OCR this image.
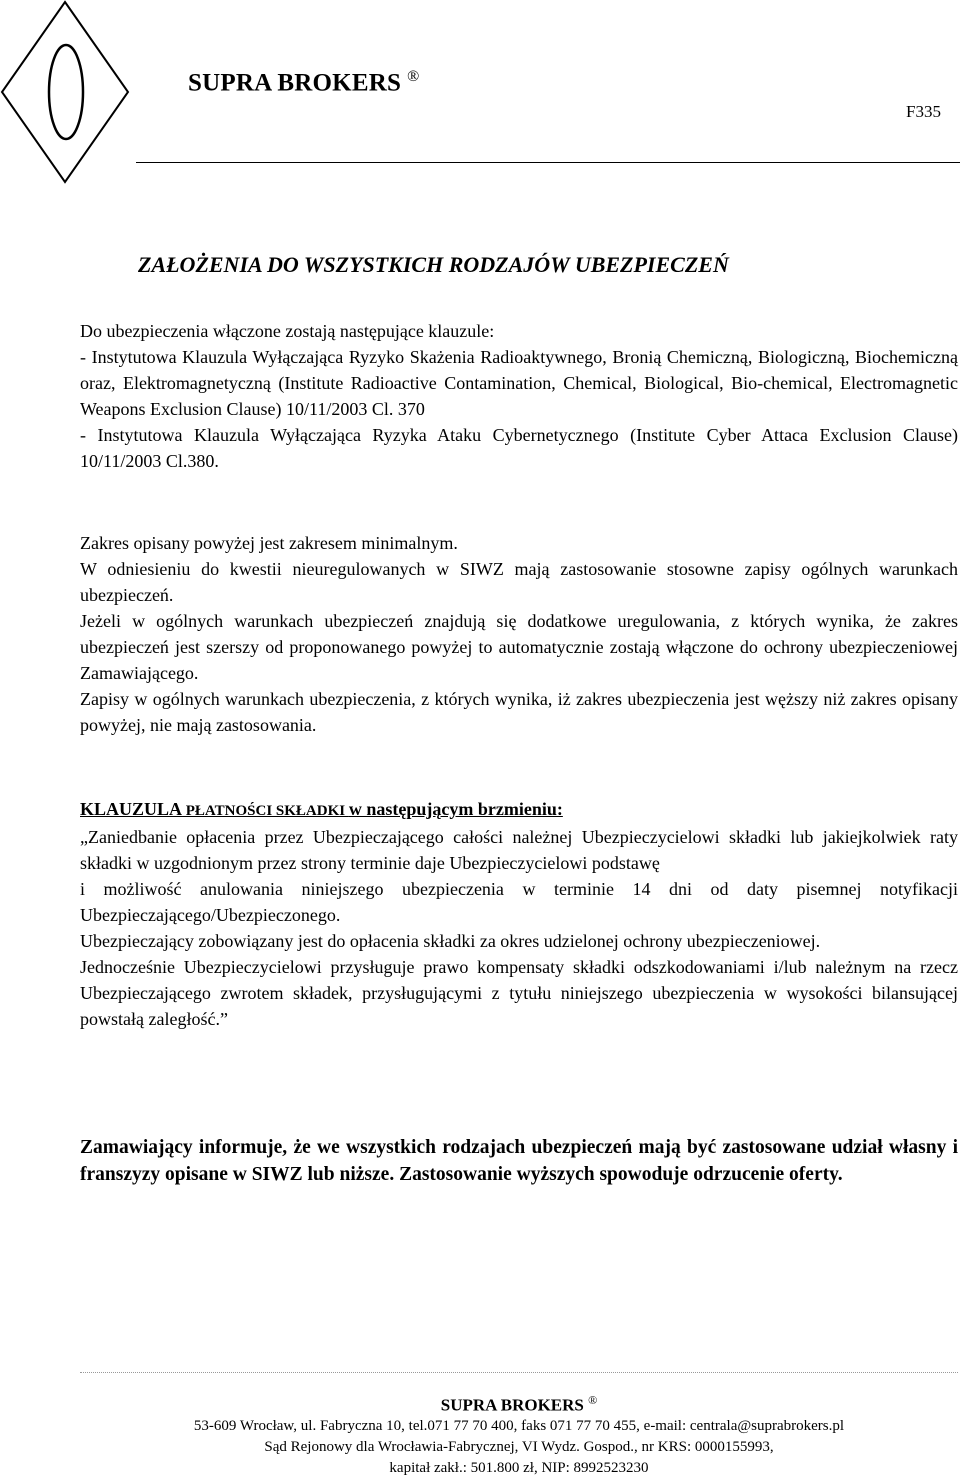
SUPRA BROKERS ®
F335
ZAŁOŻENIA DO WSZYSTKICH RODZAJÓW UBEZPIECZEŃ

Do ubezpieczenia włączone zostają następujące klauzule:

- Instytutowa Klauzula Wyłączająca Ryzyko Skażenia Radioaktywnego, Bronią Chemiczną, Biologiczną, Biochemiczną oraz, Elektromagnetyczną (Institute Radioactive Contamination, Chemical, Biological, Bio-chemical, Electromagnetic Weapons Exclusion Clause) 10/11/2003 Cl. 370

- Instytutowa Klauzula Wyłączająca Ryzyka Ataku Cybernetycznego (Institute Cyber Attaca Exclusion Clause) 10/11/2003 Cl.380.

Zakres opisany powyżej jest zakresem minimalnym.

W odniesieniu do kwestii nieuregulowanych w SIWZ mają zastosowanie stosowne zapisy ogólnych warunkach ubezpieczeń.

Jeżeli w ogólnych warunkach ubezpieczeń znajdują się dodatkowe uregulowania, z których wynika, że zakres ubezpieczeń jest szerszy od proponowanego powyżej to automatycznie zostają włączone do ochrony ubezpieczeniowej Zamawiającego.

Zapisy w ogólnych warunkach ubezpieczenia, z których wynika, iż zakres ubezpieczenia jest węższy niż zakres opisany powyżej, nie mają zastosowania.

KLAUZULA PŁATNOŚCI SKŁADKI w następującym brzmieniu:

„Zaniedbanie opłacenia przez Ubezpieczającego całości należnej Ubezpieczycielowi składki lub jakiejkolwiek raty składki w uzgodnionym przez strony terminie daje Ubezpieczycielowi podstawę

i możliwość anulowania niniejszego ubezpieczenia w terminie 14 dni od daty pisemnej notyfikacji Ubezpieczającego/Ubezpieczonego.

Ubezpieczający zobowiązany jest do opłacenia składki za okres udzielonej ochrony ubezpieczeniowej.

Jednocześnie Ubezpieczycielowi przysługuje prawo kompensaty składki odszkodowaniami i/lub należnym na rzecz Ubezpieczającego zwrotem składek, przysługującymi z tytułu niniejszego ubezpieczenia w wysokości bilansującej powstałą zaległość.”

Zamawiający informuje, że we wszystkich rodzajach ubezpieczeń mają być zastosowane udział własny i franszyzy opisane w SIWZ lub niższe. Zastosowanie wyższych spowoduje odrzucenie oferty.

SUPRA BROKERS ®
53-609 Wrocław, ul. Fabryczna 10, tel.071 77 70 400, faks 071 77 70 455, e-mail: centrala@suprabrokers.pl
Sąd Rejonowy dla Wrocławia-Fabrycznej, VI Wydz. Gospod., nr KRS: 0000155993,
kapitał zakł.: 501.800 zł, NIP: 8992523230
